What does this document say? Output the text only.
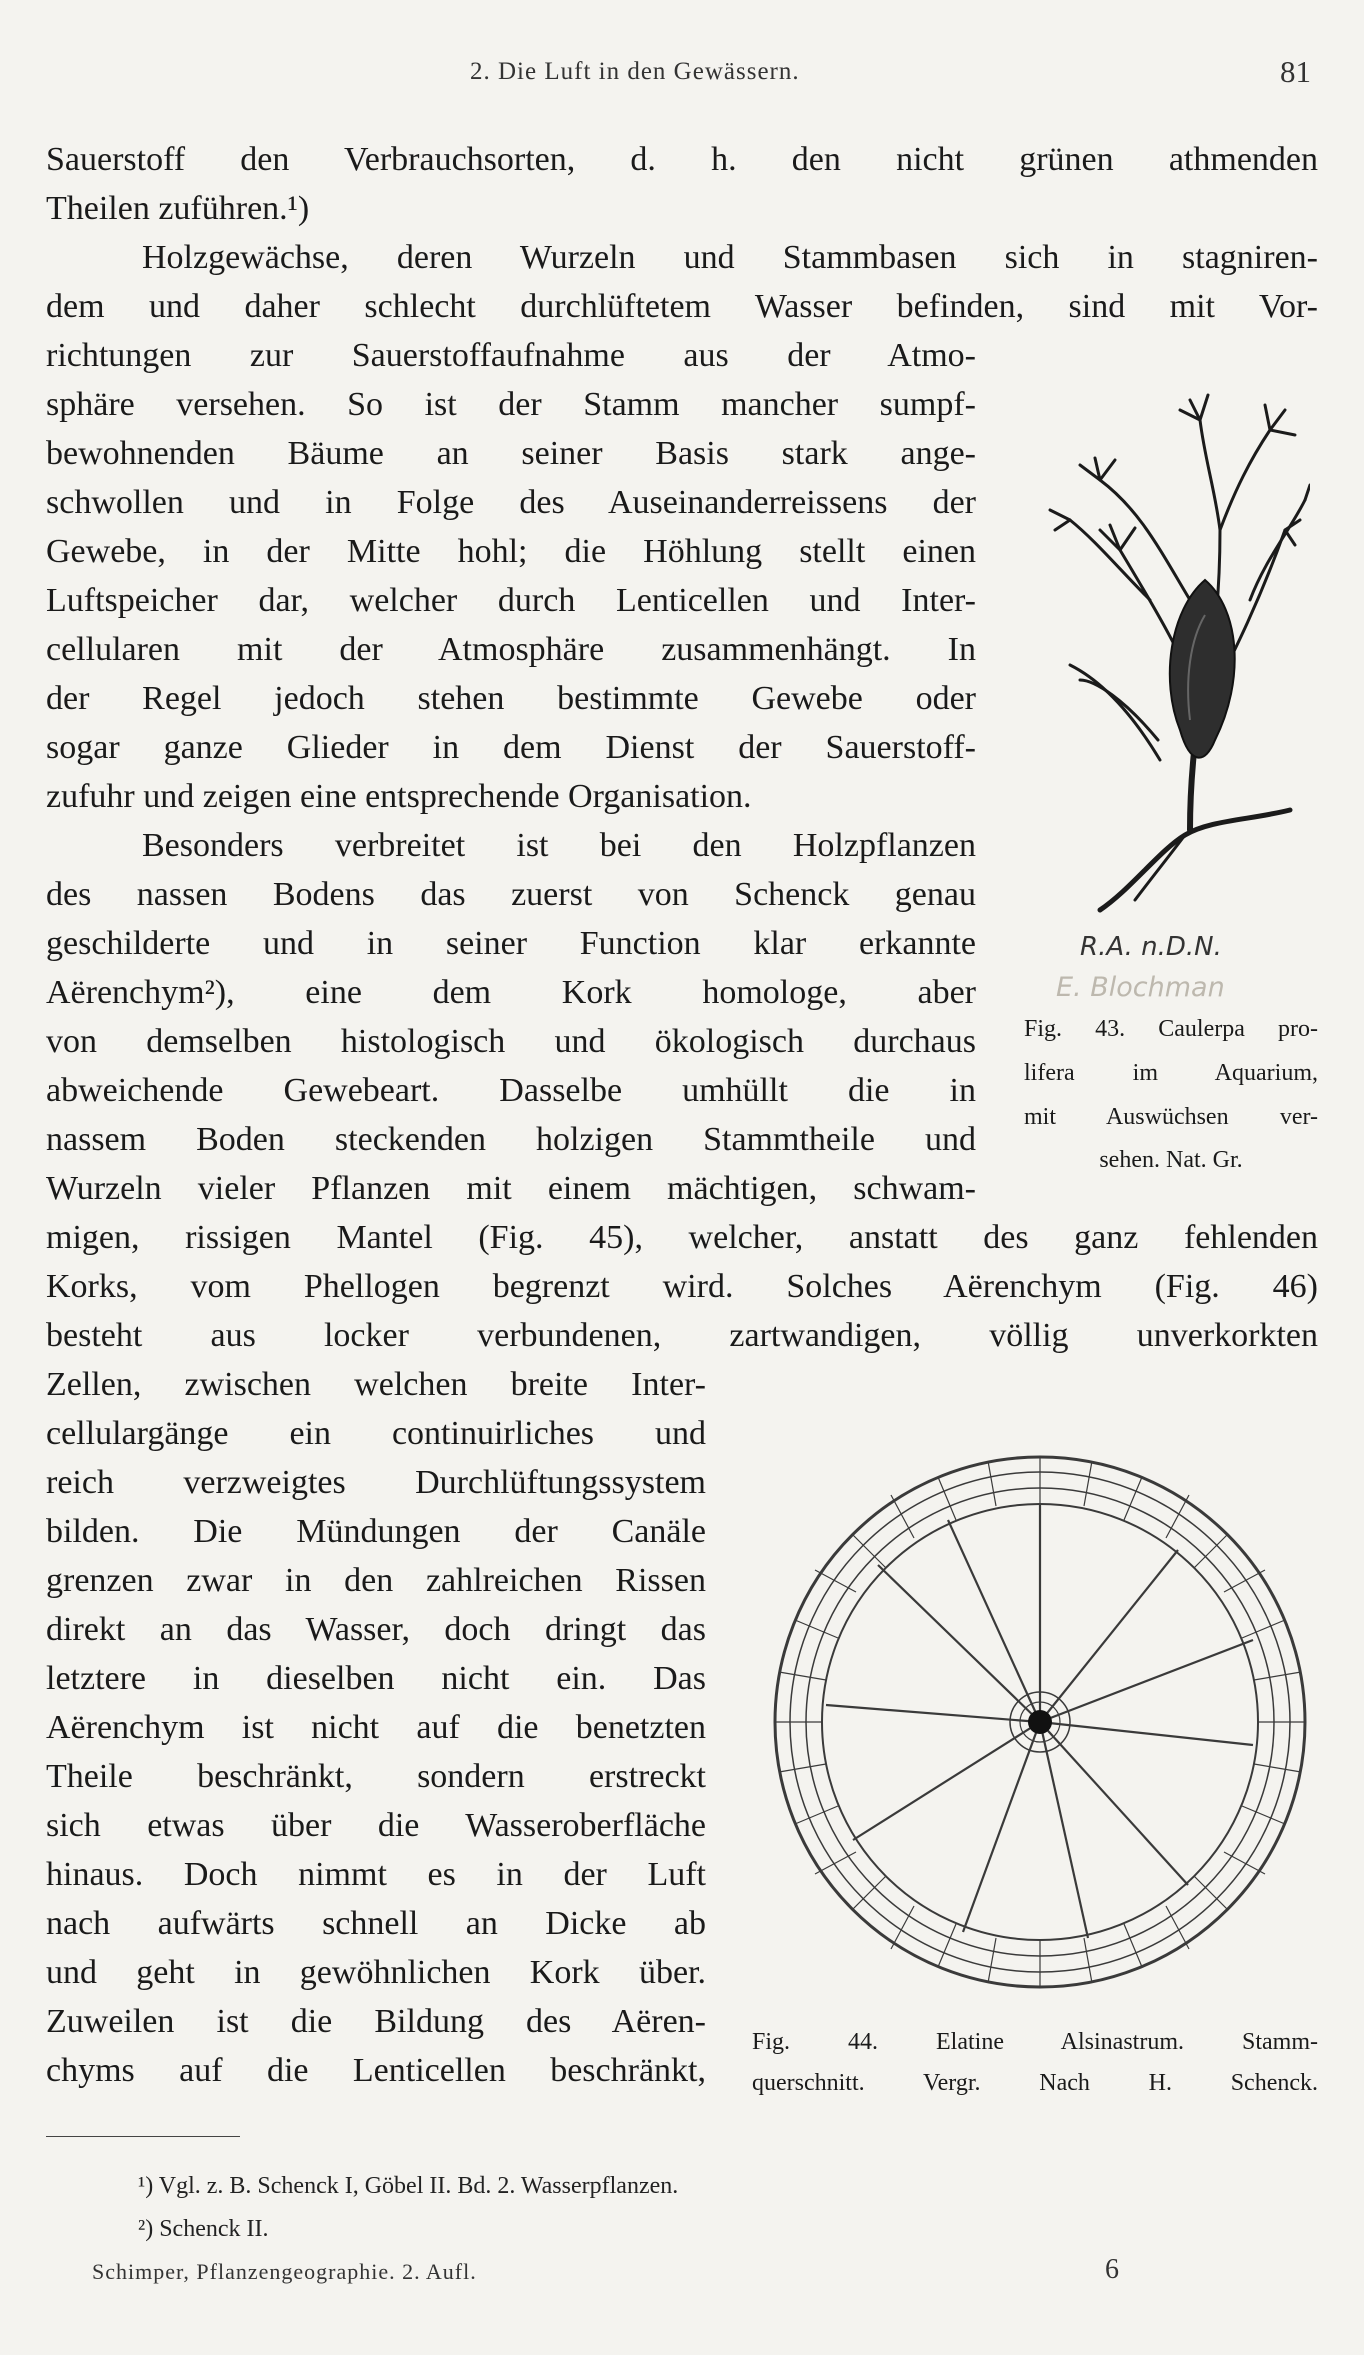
2. Die Luft in den Gewässern.	81
Sauerstoff den Verbrauchsorten, d. h. den nicht grünen athmenden
Theilen zuführen.¹)
Holzgewächse, deren Wurzeln und Stammbasen sich in stagniren-
dem und daher schlecht durchlüftetem Wasser befinden, sind mit Vor-
richtungen zur Sauerstoffaufnahme aus der Atmo-
sphäre versehen. So ist der Stamm mancher sumpf-
bewohnenden Bäume an seiner Basis stark ange-
schwollen und in Folge des Auseinanderreissens der
Gewebe, in der Mitte hohl; die Höhlung stellt einen
Luftspeicher dar, welcher durch Lenticellen und Inter-
cellularen mit der Atmosphäre zusammenhängt. In
der Regel jedoch stehen bestimmte Gewebe oder
sogar ganze Glieder in dem Dienst der Sauerstoff-
zufuhr und zeigen eine entsprechende Organisation.
Besonders verbreitet ist bei den Holzpflanzen
des nassen Bodens das zuerst von Schenck genau
geschilderte und in seiner Function klar erkannte
Aërenchym²), eine dem Kork homologe, aber
von demselben histologisch und ökologisch durchaus
abweichende Gewebeart. Dasselbe umhüllt die in
nassem Boden steckenden holzigen Stammtheile und
Wurzeln vieler Pflanzen mit einem mächtigen, schwam-
migen, rissigen Mantel (Fig. 45), welcher, anstatt des ganz fehlenden
Korks, vom Phellogen begrenzt wird. Solches Aërenchym (Fig. 46)
besteht aus locker verbundenen, zartwandigen, völlig unverkorkten
Zellen, zwischen welchen breite Inter-
cellulargänge ein continuirliches und
reich verzweigtes Durchlüftungssystem
bilden. Die Mündungen der Canäle
grenzen zwar in den zahlreichen Rissen
direkt an das Wasser, doch dringt das
letztere in dieselben nicht ein. Das
Aërenchym ist nicht auf die benetzten
Theile beschränkt, sondern erstreckt
sich etwas über die Wasseroberfläche
hinaus. Doch nimmt es in der Luft
nach aufwärts schnell an Dicke ab
und geht in gewöhnlichen Kork über.
Zuweilen ist die Bildung des Aëren-
chyms auf die Lenticellen beschränkt,
R.A. n.D.N.
E. Blochman
Fig. 43. Caulerpa pro-
lifera im Aquarium,
mit Auswüchsen ver-
sehen. Nat. Gr.
Fig. 44. Elatine Alsinastrum. Stamm-
querschnitt. Vergr. Nach H. Schenck.
¹) Vgl. z. B. Schenck I, Göbel II. Bd. 2. Wasserpflanzen.
²) Schenck II.
Schimper, Pflanzengeographie. 2. Aufl.	6
